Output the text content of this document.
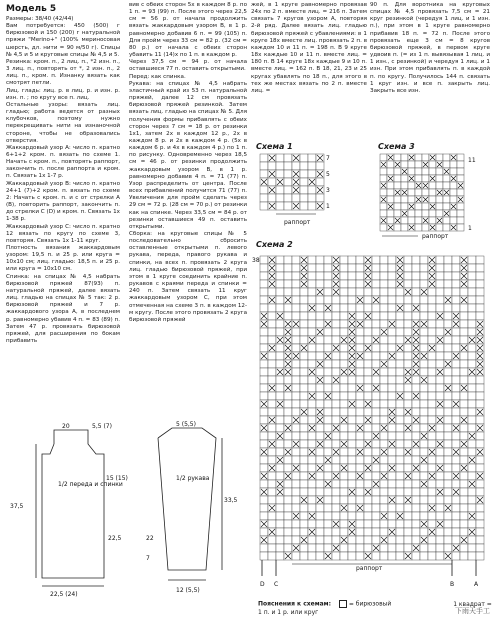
Модель 5

Размеры: 38/40 (42/44)

Вам потребуется: 450 (500) г бирюзовой и 150 (200) г натуральной пряжи "Merino+" (100% мериносовая шерсть, дл. нити = 90 м/50 г). Спицы № 4,5 и 5 и круговые спицы № 4,5 и 5.

Резинка: кром. п., 2 лиц. п., *2 изн. п., 3 лиц. п., повторять от *, 2 изн. п., 2 лиц. п., кром. п. Изнанку вязать как смотрят петли.

Лиц. гладь: лиц. р. в лиц. р. и изн. р. изн. п. ; по кругу все п. лиц.

Остальные узоры: вязать лиц. гладью; работа ведется от разных клубочков, поэтому нужно перекрещивать нити на изнаночной стороне, чтобы не образовались отверстия.

Жаккардовый узор А: число п. кратно 6+1+2 кром. п. вязать по схеме 1. Начать с кром. п., повторять раппорт, закончить п. после раппорта и кром. п. Связать 1х 1-7 р.

Жаккардовый узор В: число п. кратно 24+1 (7)+2 кром. п. вязать по схеме 2: Начать с кром. п. и с от стрелки А (В), повторить раппорт, закончить п. до стрелки С (D) и кром. п. Связать 1х 1-38 р.

Жаккардовый узор С: число п. кратно 12 вязать по кругу по схеме 3, повторяя. Связать 1х 1-11 круг.

Плотность вязания жаккардовым узором: 19,5 п. и 25 р. или круга = 10х10 см; лиц. гладью: 18,5 п. и 25 р. или круга = 10х10 см.

Спинка: на спицах № 4,5 набрать бирюзовой пряжей 87(93) п. натуральной пряжей, далее вязать лиц. гладью на спицах № 5 так: 2 р. бирюзовой пряжей и 7 р. жаккардового узора А, в последнем р. равномерно убавив 4 п. = 83 (89) п. Затем 47 р. провязать бирюзовой пряжей, для расширения по бокам прибавить

вив с обеих сторон 5х в каждом 8 р. по 1 п. = 93 (99) п. После этого через 22,5 см = 56 р. от начала продолжить вязать жаккардовым узором В, в 1 р. равномерно добавив 6 п. = 99 (105) п. Для пройм через 33 см = 82 р. (32 см = 80 р.) от начала с обеих сторон убавить 11 (14)х по 1 п. в каждом р.

Через 37,5 см = 94 р. от начала оставшиеся 77 п. оставить открытыми.

Перед: как спинка.

Рукава: на спицах № 4,5 набрать эластичный край из 53 п. натуральной пряжей, далее 12 см провязать бирюзовой пряжей резинкой. Затем вязать лиц. гладью на спицах № 5. Для получения формы прибавлять с обеих сторон через 7 см = 18 р. от резинки 1х1, затем 2х в каждом 12 р., 2х в каждом 8 р. и 2х в каждом 4 р. (5х в каждом 6 р. и 4х в каждом 4 р.) по 1 п. по рисунку. Одновременно через 18,5 см = 46 р. от резинки продолжить жаккардовым узором В, в 1 р. равномерно добавив 4 п. = 71 (77) п. Узор распределить от центра. После всех прибавлений получится 71 (77) п. Увеличения для пройм сделать через 29 см = 72 р. (28 см = 70 р.) от резинки как на спинке. Через 33,5 см = 84 р. от резинки оставшиеся 49 п. оставить открытыми.

Сборка: на круговые спицы № 5 последовательно сбросить оставленные открытыми п. левого рукава, переда, правого рукава и спинки, на всех п. провязать 2 круга лиц. гладью бирюзовой пряжей, при этом в 1 круге соединить крайние п. рукавов с краями переда и спинки = 240 п. Затем связать 11 круг жаккардовым узором С, при этом отмеченная на схеме 3 п. в каждом 12-м кругу. После этого провязать 2 круга бирюзовой пряжей

жей, в 1 круге равномерно провязав 24х по 2 п. вместе лиц. = 216 п. Затем связать 7 кругов узором А, повторяя 2-й ряд. Далее вязать лиц. гладью бирюзовой пряжей с убавлениями: в 1 круге 18х вместе лиц. провязать 2 п. в каждом 10 и 11 п. = 198 п. В 9 круге 18х каждые 10 и 11 п. вместе лиц. = 180 п. В 14 круге 18х каждые 9 и 10 п. вместе лиц. = 162 п. В 18, 21, 23 и 25 кругах убавлять по 18 п., для этого в тех же местах вязать по 2 п. вместе лиц. =

90 п. Для воротника на круговых спицах № 4,5 провязать 7,5 см = 21 круг резинкой (чередуя 1 лиц. и 1 изн. п.), при этом в 1 круге равномерно прибавив 18 п. = 72 п. После этого провязать еще 3 см = 8 кругов бирюзовой пряжей, в первом круге удвоив п. (= из 1 п. вывязывая 1 лиц. и 1 изн., с резинкой) и чередуя 1 лиц. и 1 изн. При этом прибавлять п. в каждой п. по кругу. Получилось 144 п. связать 1 круг изн. и все п. закрыть лиц. Закрыть все изн.

20	5,5 (7)
37,5
15 (15)
22,5
22,5 (24)
1/2 переда и спинки
5 (5,5)
33,5
22
7
12 (5,5)
1/2 рукава
Схема 1
7
5
3
1
раппорт
Схема 3
11
1
раппорт
Схема 2
38
раппорт
D C	B	A
Пояснения к схемам:	= бирюзовый	1 квадрат = 1 п. и 1 р. или круг	下雨天手工
